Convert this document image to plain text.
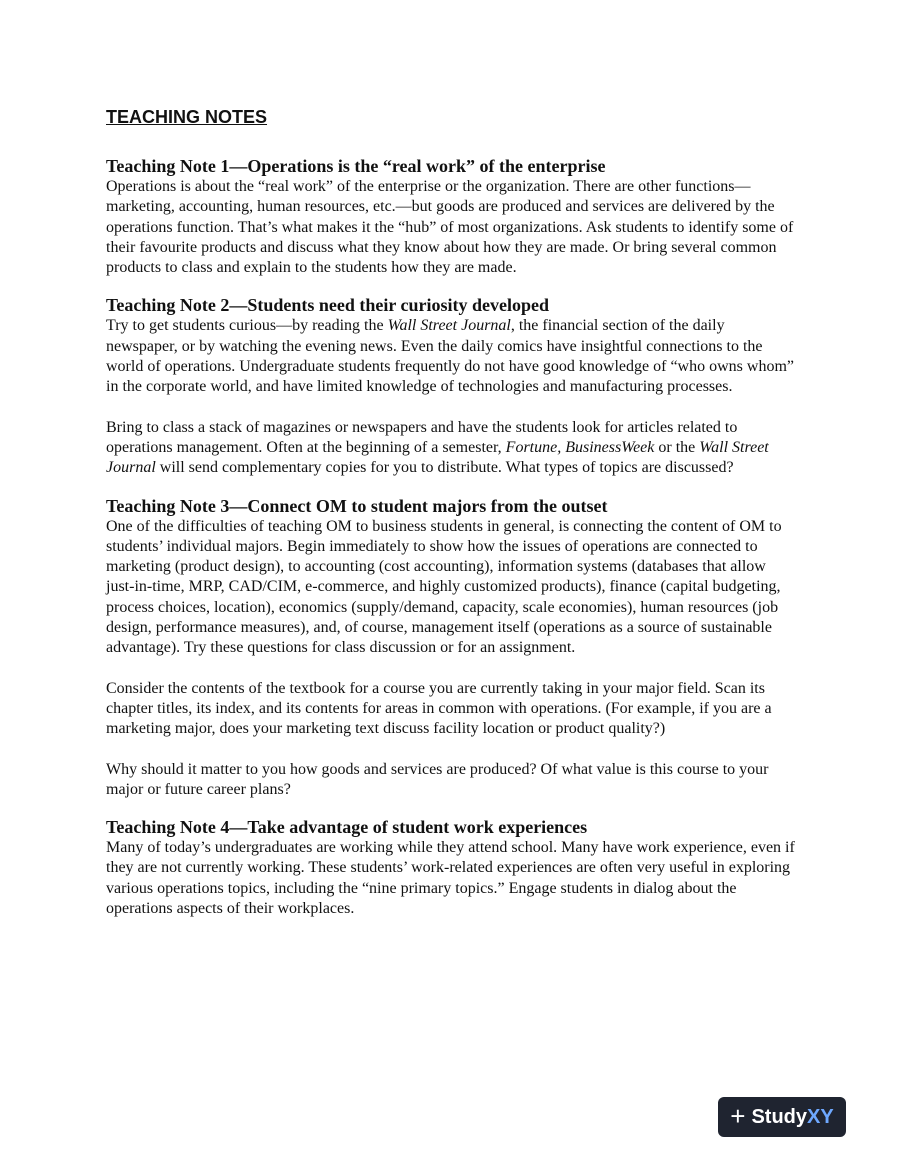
TEACHING NOTES
Teaching Note 1—Operations is the “real work” of the enterprise

Operations is about the “real work” of the enterprise or the organization. There are other functions—marketing, accounting, human resources, etc.—but goods are produced and services are delivered by the operations function. That’s what makes it the “hub” of most organizations. Ask students to identify some of their favourite products and discuss what they know about how they are made. Or bring several common products to class and explain to the students how they are made.

Teaching Note 2—Students need their curiosity developed

Try to get students curious—by reading the Wall Street Journal, the financial section of the daily newspaper, or by watching the evening news. Even the daily comics have insightful connections to the world of operations. Undergraduate students frequently do not have good knowledge of “who owns whom” in the corporate world, and have limited knowledge of technologies and manufacturing processes.

Bring to class a stack of magazines or newspapers and have the students look for articles related to operations management. Often at the beginning of a semester, Fortune, BusinessWeek or the Wall Street Journal will send complementary copies for you to distribute. What types of topics are discussed?

Teaching Note 3—Connect OM to student majors from the outset

One of the difficulties of teaching OM to business students in general, is connecting the content of OM to students’ individual majors. Begin immediately to show how the issues of operations are connected to marketing (product design), to accounting (cost accounting), information systems (databases that allow just-in-time, MRP, CAD/CIM, e-commerce, and highly customized products), finance (capital budgeting, process choices, location), economics (supply/demand, capacity, scale economies), human resources (job design, performance measures), and, of course, management itself (operations as a source of sustainable advantage). Try these questions for class discussion or for an assignment.

Consider the contents of the textbook for a course you are currently taking in your major field. Scan its chapter titles, its index, and its contents for areas in common with operations. (For example, if you are a marketing major, does your marketing text discuss facility location or product quality?)

Why should it matter to you how goods and services are produced? Of what value is this course to your major or future career plans?

Teaching Note 4—Take advantage of student work experiences

Many of today’s undergraduates are working while they attend school. Many have work experience, even if they are not currently working. These students’ work-related experiences are often very useful in exploring various operations topics, including the “nine primary topics.” Engage students in dialog about the operations aspects of their workplaces.

+ StudyXY
